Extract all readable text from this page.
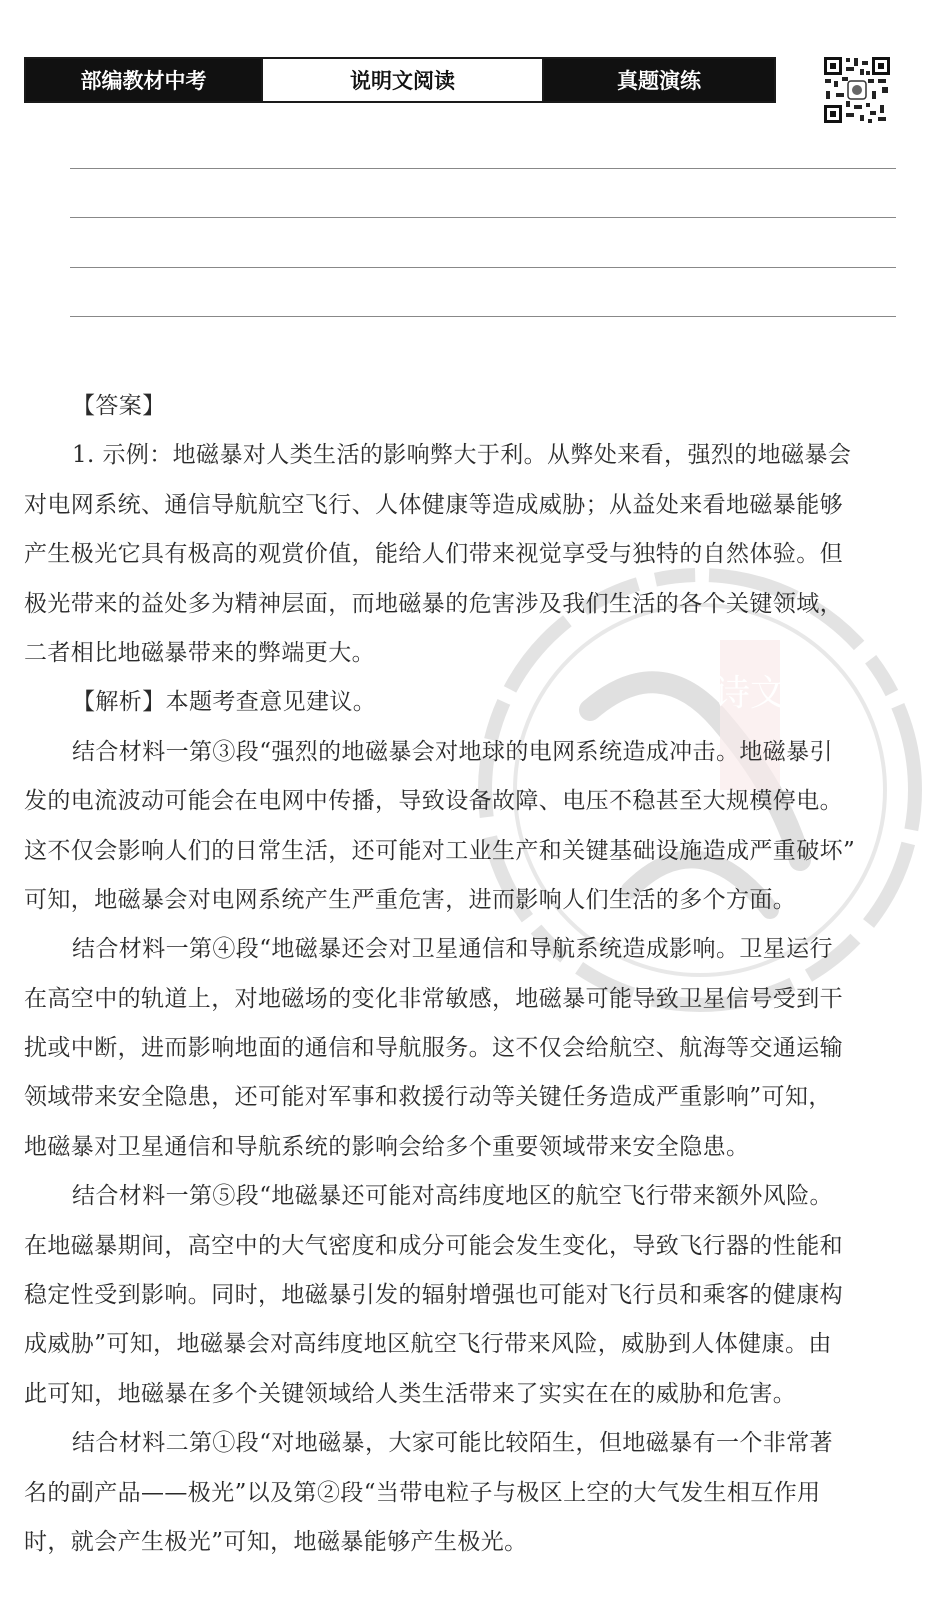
部编教材中考	说明文阅读	真题演练
诗文
【答案】
1. 示例：地磁暴对人类生活的影响弊大于利。从弊处来看，强烈的地磁暴会
对电网系统、通信导航航空飞行、人体健康等造成威胁；从益处来看地磁暴能够
产生极光它具有极高的观赏价值，能给人们带来视觉享受与独特的自然体验。但
极光带来的益处多为精神层面，而地磁暴的危害涉及我们生活的各个关键领域，
二者相比地磁暴带来的弊端更大。
【解析】本题考查意见建议。
结合材料一第③段“强烈的地磁暴会对地球的电网系统造成冲击。地磁暴引
发的电流波动可能会在电网中传播，导致设备故障、电压不稳甚至大规模停电。
这不仅会影响人们的日常生活，还可能对工业生产和关键基础设施造成严重破坏”
可知，地磁暴会对电网系统产生严重危害，进而影响人们生活的多个方面。
结合材料一第④段“地磁暴还会对卫星通信和导航系统造成影响。卫星运行
在高空中的轨道上，对地磁场的变化非常敏感，地磁暴可能导致卫星信号受到干
扰或中断，进而影响地面的通信和导航服务。这不仅会给航空、航海等交通运输
领域带来安全隐患，还可能对军事和救援行动等关键任务造成严重影响”可知，
地磁暴对卫星通信和导航系统的影响会给多个重要领域带来安全隐患。
结合材料一第⑤段“地磁暴还可能对高纬度地区的航空飞行带来额外风险。
在地磁暴期间，高空中的大气密度和成分可能会发生变化，导致飞行器的性能和
稳定性受到影响。同时，地磁暴引发的辐射增强也可能对飞行员和乘客的健康构
成威胁”可知，地磁暴会对高纬度地区航空飞行带来风险，威胁到人体健康。由
此可知，地磁暴在多个关键领域给人类生活带来了实实在在的威胁和危害。
结合材料二第①段“对地磁暴，大家可能比较陌生，但地磁暴有一个非常著
名的副产品——极光”以及第②段“当带电粒子与极区上空的大气发生相互作用
时，就会产生极光”可知，地磁暴能够产生极光。
